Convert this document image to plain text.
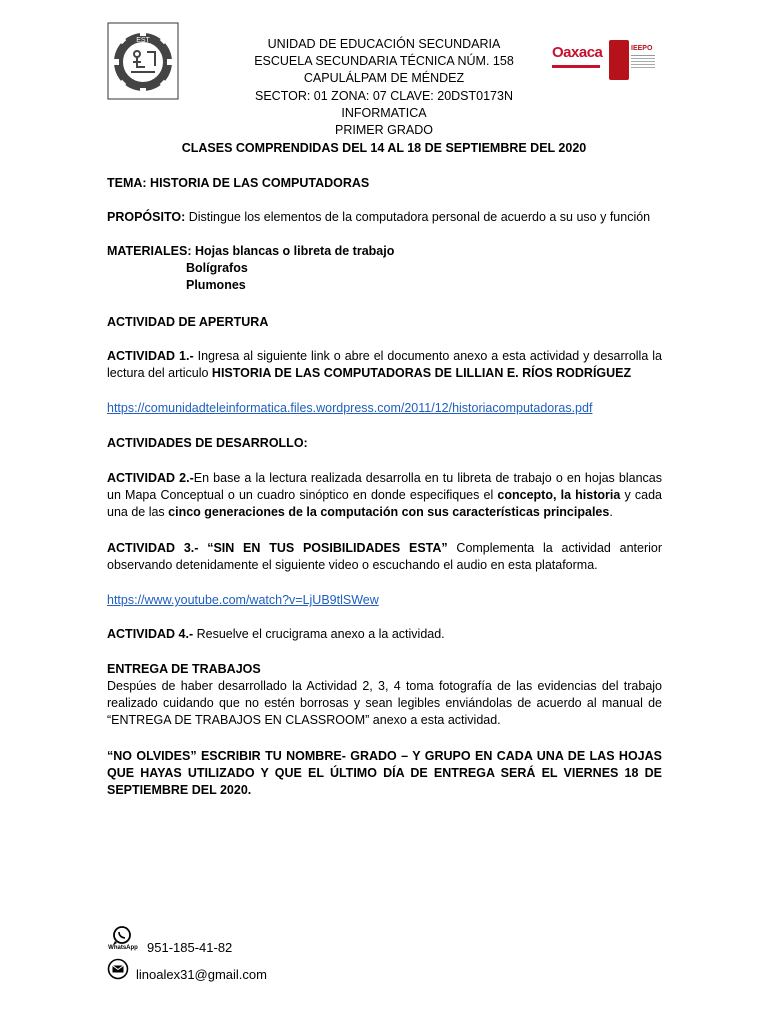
EST
Oaxaca	IEEPO
UNIDAD DE EDUCACIÓN SECUNDARIA
ESCUELA SECUNDARIA TÉCNICA NÚM. 158
CAPULÁLPAM DE MÉNDEZ
SECTOR: 01 ZONA: 07 CLAVE: 20DST0173N
INFORMATICA
PRIMER GRADO
CLASES COMPRENDIDAS DEL 14 AL 18 DE SEPTIEMBRE DEL 2020
TEMA: HISTORIA DE LAS COMPUTADORAS
PROPÓSITO: Distingue los elementos de la computadora personal de acuerdo a su uso y función
MATERIALES: Hojas blancas o libreta de trabajo
Bolígrafos
Plumones
ACTIVIDAD DE APERTURA
ACTIVIDAD 1.- Ingresa al siguiente link o abre el documento anexo a esta actividad y desarrolla la lectura del articulo HISTORIA DE LAS COMPUTADORAS DE LILLIAN E. RÍOS RODRÍGUEZ
https://comunidadteleinformatica.files.wordpress.com/2011/12/historiacomputadoras.pdf
ACTIVIDADES DE DESARROLLO:
ACTIVIDAD 2.-En base a la lectura realizada desarrolla en tu libreta de trabajo o en hojas blancas un Mapa Conceptual o un cuadro sinóptico en donde especifiques el concepto, la historia y cada una de las cinco generaciones de la computación con sus características principales.
ACTIVIDAD 3.- “SIN EN TUS POSIBILIDADES ESTA” Complementa la actividad anterior observando detenidamente el siguiente video o escuchando el audio en esta plataforma.
https://www.youtube.com/watch?v=LjUB9tlSWew
ACTIVIDAD 4.- Resuelve el crucigrama anexo a la actividad.
ENTREGA DE TRABAJOS
Despúes de haber desarrollado la Actividad 2, 3, 4 toma fotografía de las evidencias del trabajo realizado cuidando que no estén borrosas y sean legibles enviándolas de acuerdo al manual de “ENTREGA DE TRABAJOS EN CLASSROOM” anexo a esta actividad.
“NO OLVIDES” ESCRIBIR TU NOMBRE- GRADO – Y GRUPO EN CADA UNA DE LAS HOJAS QUE HAYAS UTILIZADO Y QUE EL ÚLTIMO DÍA DE ENTREGA SERÁ EL VIERNES 18 DE SEPTIEMBRE DEL 2020.
WhatsApp 951-185-41-82
linoalex31@gmail.com
